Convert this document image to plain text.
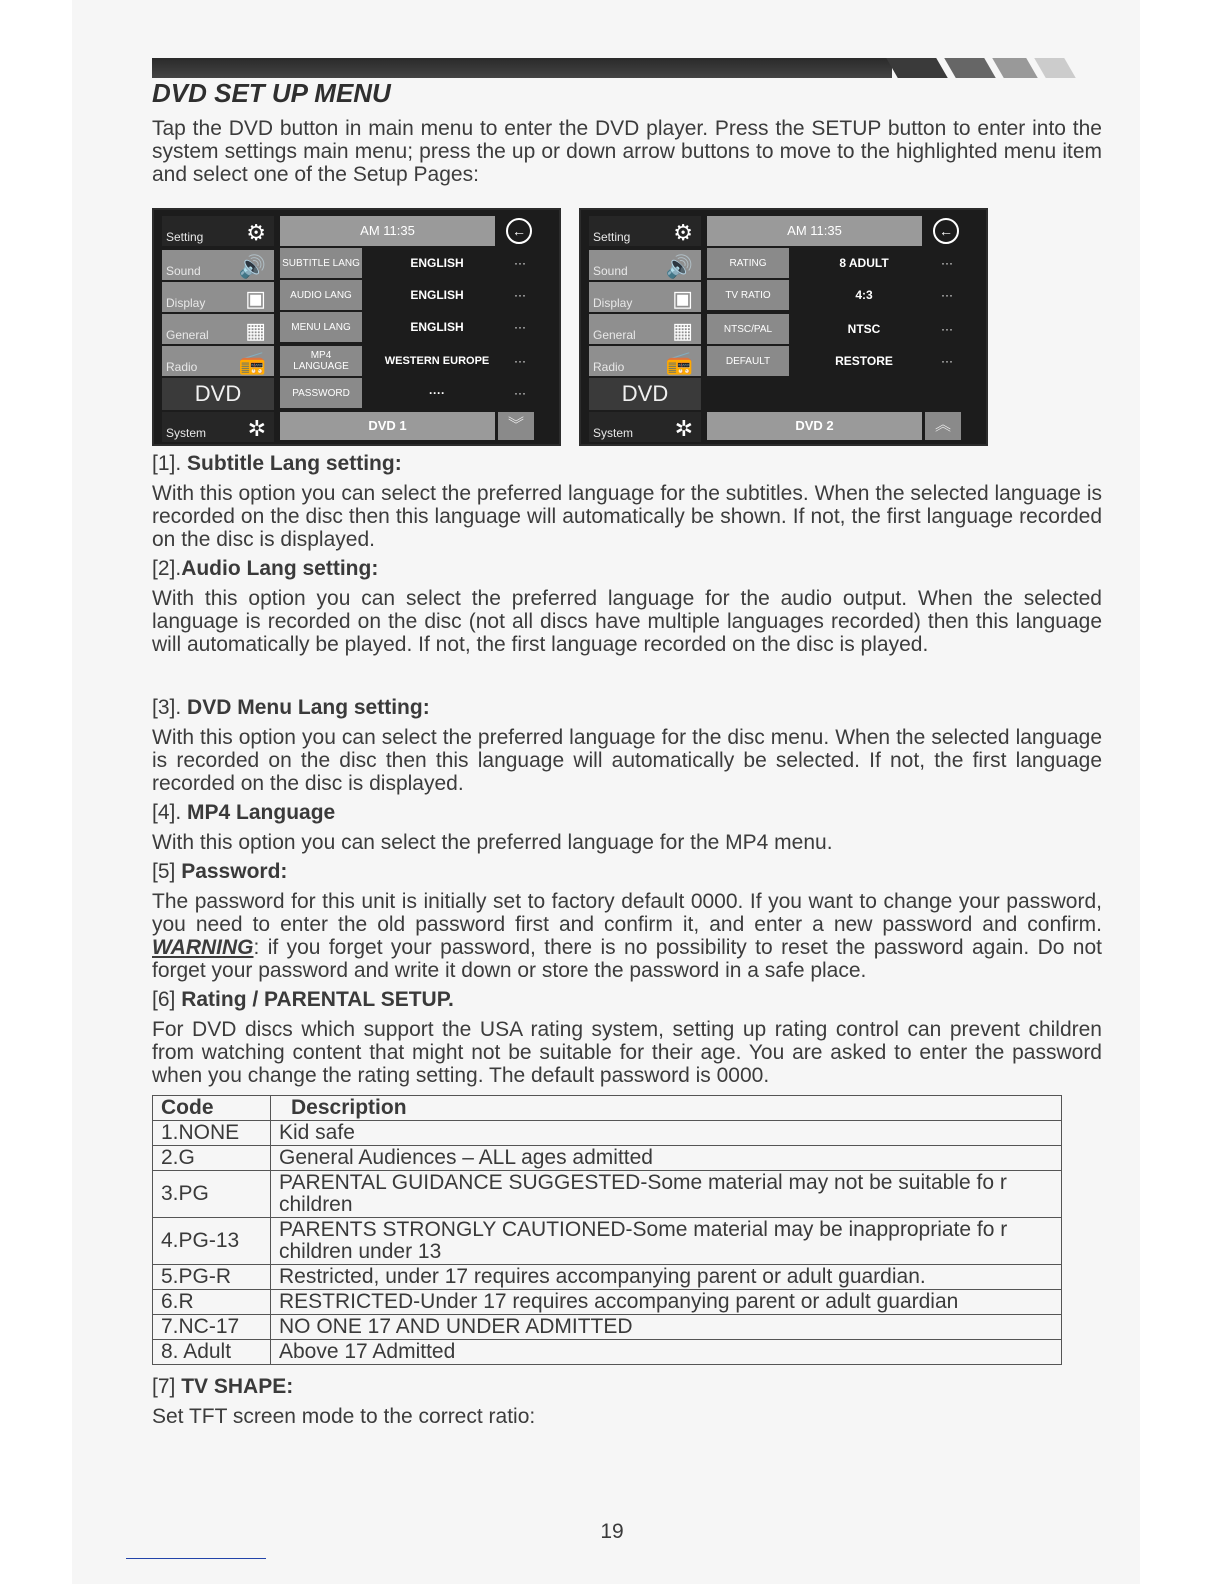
DVD SET UP MENU

Tap the DVD button in main menu to enter the DVD player. Press the SETUP button to enter into the system settings main menu; press the up or down arrow buttons to move to the highlighted menu item and select one of the Setup Pages:

Setting ⚙
Sound 🔊
Display ▣
General ▦
Radio 📻
DVD
System ✲
AM 11:35	←
SUBTITLE LANG	ENGLISH	···
AUDIO LANG	ENGLISH	···
MENU LANG	ENGLISH	···
MP4 LANGUAGE	WESTERN EUROPE	···
PASSWORD	····	···
DVD 1	︾
Setting ⚙
Sound 🔊
Display ▣
General ▦
Radio 📻
DVD
System ✲
AM 11:35	←
RATING	8 ADULT	···
TV RATIO	4:3	···
NTSC/PAL	NTSC	···
DEFAULT	RESTORE	···
DVD 2	︽
[1]. Subtitle Lang setting:

With this option you can select the preferred language for the subtitles. When the selected language is recorded on the disc then this language will automatically be shown. If not, the first language recorded on the disc is displayed.

[2].Audio Lang setting:

With this option you can select the preferred language for the audio output. When the selected language is recorded on the disc (not all discs have multiple languages recorded) then this language will automatically be played. If not, the first language recorded on the disc is played.

[3]. DVD Menu Lang setting:

With this option you can select the preferred language for the disc menu. When the selected language is recorded on the disc then this language will automatically be selected. If not, the first language recorded on the disc is displayed.

[4]. MP4 Language

With this option you can select the preferred language for the MP4 menu.

[5] Password:

The password for this unit is initially set to factory default 0000. If you want to change your password, you need to enter the old password first and confirm it, and enter a new password and confirm. WARNING: if you forget your password, there is no possibility to reset the password again. Do not forget your password and write it down or store the password in a safe place.

[6] Rating / PARENTAL SETUP.

For DVD discs which support the USA rating system, setting up rating control can prevent children from watching content that might not be suitable for their age. You are asked to enter the password when you change the rating setting. The default password is 0000.

Code	Description
1.NONE	Kid safe
2.G	General Audiences – ALL ages admitted
3.PG	PARENTAL GUIDANCE SUGGESTED-Some material may not be suitable fo r children
4.PG-13	PARENTS STRONGLY CAUTIONED-Some material may be inappropriate fo r children under 13
5.PG-R	Restricted, under 17 requires accompanying parent or adult guardian.
6.R	RESTRICTED-Under 17 requires accompanying parent or adult guardian
7.NC-17	NO ONE 17 AND UNDER ADMITTED
8. Adult	Above 17 Admitted
[7] TV SHAPE:

Set TFT screen mode to the correct ratio:

19
